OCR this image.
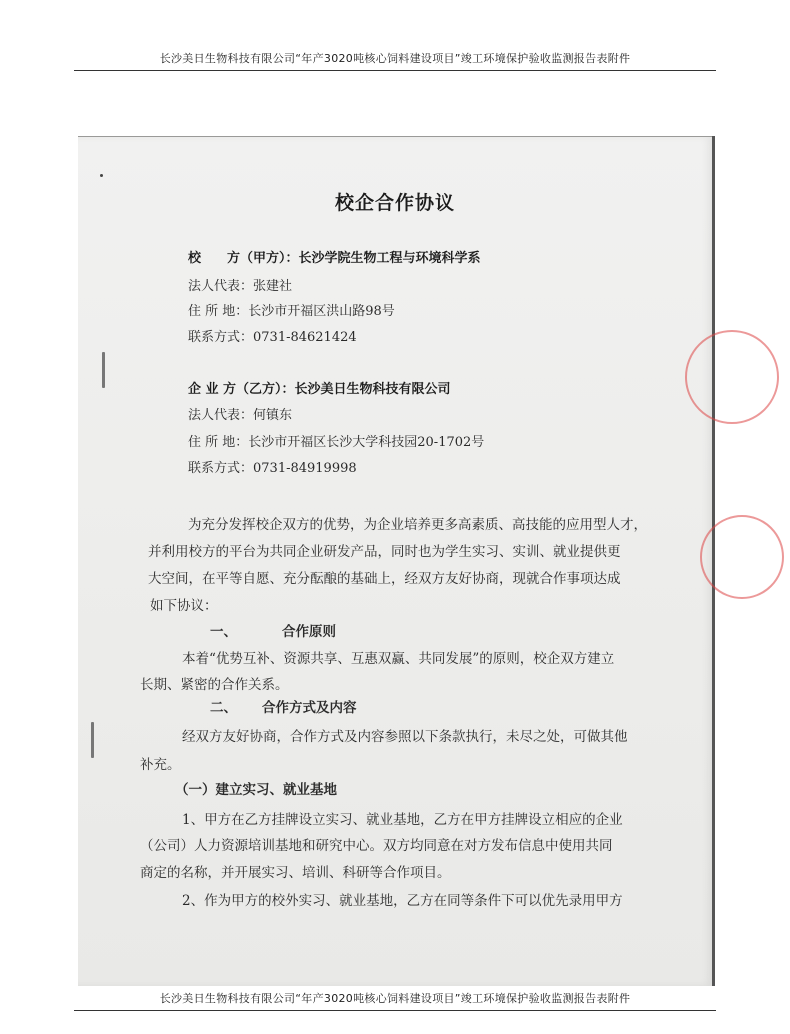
长沙美日生物科技有限公司“年产3020吨核心饲料建设项目”竣工环境保护验收监测报告表附件
校企合作协议
校　　方（甲方）：长沙学院生物工程与环境科学系
法人代表：张建社
住 所 地：长沙市开福区洪山路98号
联系方式：0731-84621424
企 业 方（乙方）：长沙美日生物科技有限公司
法人代表：何镇东
住 所 地：长沙市开福区长沙大学科技园20-1702号
联系方式：0731-84919998
为充分发挥校企双方的优势，为企业培养更多高素质、高技能的应用型人才，
并利用校方的平台为共同企业研发产品，同时也为学生实习、实训、就业提供更
大空间，在平等自愿、充分酝酿的基础上，经双方友好协商，现就合作事项达成
如下协议：
一、	合作原则
本着“优势互补、资源共享、互惠双赢、共同发展”的原则，校企双方建立
长期、紧密的合作关系。
二、 合作方式及内容
经双方友好协商，合作方式及内容参照以下条款执行，未尽之处，可做其他
补充。
（一）建立实习、就业基地
1、甲方在乙方挂牌设立实习、就业基地，乙方在甲方挂牌设立相应的企业
（公司）人力资源培训基地和研究中心。双方均同意在对方发布信息中使用共同
商定的名称，并开展实习、培训、科研等合作项目。
2、作为甲方的校外实习、就业基地，乙方在同等条件下可以优先录用甲方
长沙美日生物科技有限公司“年产3020吨核心饲料建设项目”竣工环境保护验收监测报告表附件
